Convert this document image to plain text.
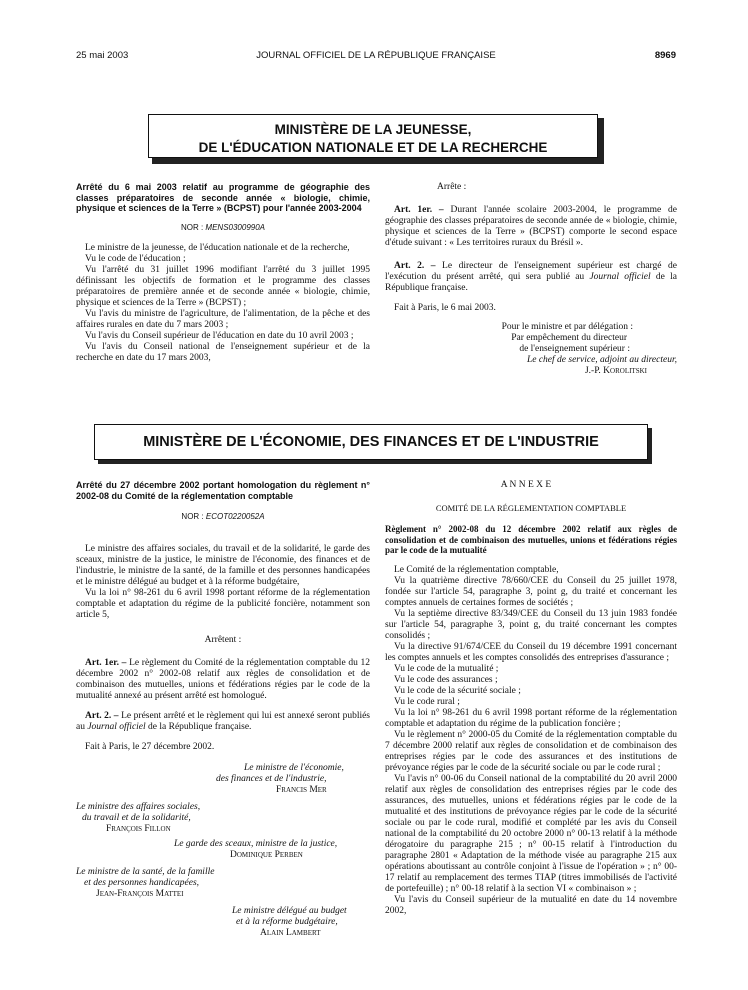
25 mai 2003	JOURNAL OFFICIEL DE LA RÉPUBLIQUE FRANÇAISE	8969
MINISTÈRE DE LA JEUNESSE,
DE L'ÉDUCATION NATIONALE ET DE LA RECHERCHE
Arrêté du 6 mai 2003 relatif au programme de géographie des classes préparatoires de seconde année « biologie, chimie, physique et sciences de la Terre » (BCPST) pour l'année 2003-2004
NOR : MENS0300990A

Le ministre de la jeunesse, de l'éducation nationale et de la recherche,

Vu le code de l'éducation ;

Vu l'arrêté du 31 juillet 1996 modifiant l'arrêté du 3 juillet 1995 définissant les objectifs de formation et le programme des classes préparatoires de première année et de seconde année « biologie, chimie, physique et sciences de la Terre » (BCPST) ;

Vu l'avis du ministre de l'agriculture, de l'alimentation, de la pêche et des affaires rurales en date du 7 mars 2003 ;

Vu l'avis du Conseil supérieur de l'éducation en date du 10 avril 2003 ;

Vu l'avis du Conseil national de l'enseignement supérieur et de la recherche en date du 17 mars 2003,

Arrête :

Art. 1er. – Durant l'année scolaire 2003-2004, le programme de géographie des classes préparatoires de seconde année de « biologie, chimie, physique et sciences de la Terre » (BCPST) comporte le second espace d'étude suivant : « Les territoires ruraux du Brésil ».

Art. 2. – Le directeur de l'enseignement supérieur est chargé de l'exécution du présent arrêté, qui sera publié au Journal officiel de la République française.

Fait à Paris, le 6 mai 2003.

Pour le ministre et par délégation :
Par empêchement du directeur
de l'enseignement supérieur :
Le chef de service, adjoint au directeur,
J.-P. Korolitski
MINISTÈRE DE L'ÉCONOMIE, DES FINANCES ET DE L'INDUSTRIE
Arrêté du 27 décembre 2002 portant homologation du règlement n° 2002-08 du Comité de la réglementation comptable
NOR : ECOT0220052A

Le ministre des affaires sociales, du travail et de la solidarité, le garde des sceaux, ministre de la justice, le ministre de l'économie, des finances et de l'industrie, le ministre de la santé, de la famille et des personnes handicapées et le ministre délégué au budget et à la réforme budgétaire,

Vu la loi n° 98-261 du 6 avril 1998 portant réforme de la réglementation comptable et adaptation du régime de la publicité foncière, notamment son article 5,

Arrêtent :

Art. 1er. – Le règlement du Comité de la réglementation comptable du 12 décembre 2002 n° 2002-08 relatif aux règles de consolidation et de combinaison des mutuelles, unions et fédérations régies par le code de la mutualité annexé au présent arrêté est homologué.

Art. 2. – Le présent arrêté et le règlement qui lui est annexé seront publiés au Journal officiel de la République française.

Fait à Paris, le 27 décembre 2002.

Le ministre de l'économie,
des finances et de l'industrie,
Francis Mer
Le ministre des affaires sociales,
du travail et de la solidarité,
François Fillon
Le garde des sceaux, ministre de la justice,
Dominique Perben
Le ministre de la santé, de la famille
et des personnes handicapées,
Jean-François Mattei
Le ministre délégué au budget
et à la réforme budgétaire,
Alain Lambert
A N N E X E
COMITÉ DE LA RÉGLEMENTATION COMPTABLE
Règlement n° 2002-08 du 12 décembre 2002 relatif aux règles de consolidation et de combinaison des mutuelles, unions et fédérations régies par le code de la mutualité

Le Comité de la réglementation comptable,

Vu la quatrième directive 78/660/CEE du Conseil du 25 juillet 1978, fondée sur l'article 54, paragraphe 3, point g, du traité et concernant les comptes annuels de certaines formes de sociétés ;

Vu la septième directive 83/349/CEE du Conseil du 13 juin 1983 fondée sur l'article 54, paragraphe 3, point g, du traité concernant les comptes consolidés ;

Vu la directive 91/674/CEE du Conseil du 19 décembre 1991 concernant les comptes annuels et les comptes consolidés des entreprises d'assurance ;

Vu le code de la mutualité ;

Vu le code des assurances ;

Vu le code de la sécurité sociale ;

Vu le code rural ;

Vu la loi n° 98-261 du 6 avril 1998 portant réforme de la réglementation comptable et adaptation du régime de la publication foncière ;

Vu le règlement n° 2000-05 du Comité de la réglementation comptable du 7 décembre 2000 relatif aux règles de consolidation et de combinaison des entreprises régies par le code des assurances et des institutions de prévoyance régies par le code de la sécurité sociale ou par le code rural ;

Vu l'avis n° 00-06 du Conseil national de la comptabilité du 20 avril 2000 relatif aux règles de consolidation des entreprises régies par le code des assurances, des mutuelles, unions et fédérations régies par le code de la mutualité et des institutions de prévoyance régies par le code de la sécurité sociale ou par le code rural, modifié et complété par les avis du Conseil national de la comptabilité du 20 octobre 2000 n° 00-13 relatif à la méthode dérogatoire du paragraphe 215 ; n° 00-15 relatif à l'introduction du paragraphe 2801 « Adaptation de la méthode visée au paragraphe 215 aux opérations aboutissant au contrôle conjoint à l'issue de l'opération » ; n° 00-17 relatif au remplacement des termes TIAP (titres immobilisés de l'activité de portefeuille) ; n° 00-18 relatif à la section VI « combinaison » ;

Vu l'avis du Conseil supérieur de la mutualité en date du 14 novembre 2002,
